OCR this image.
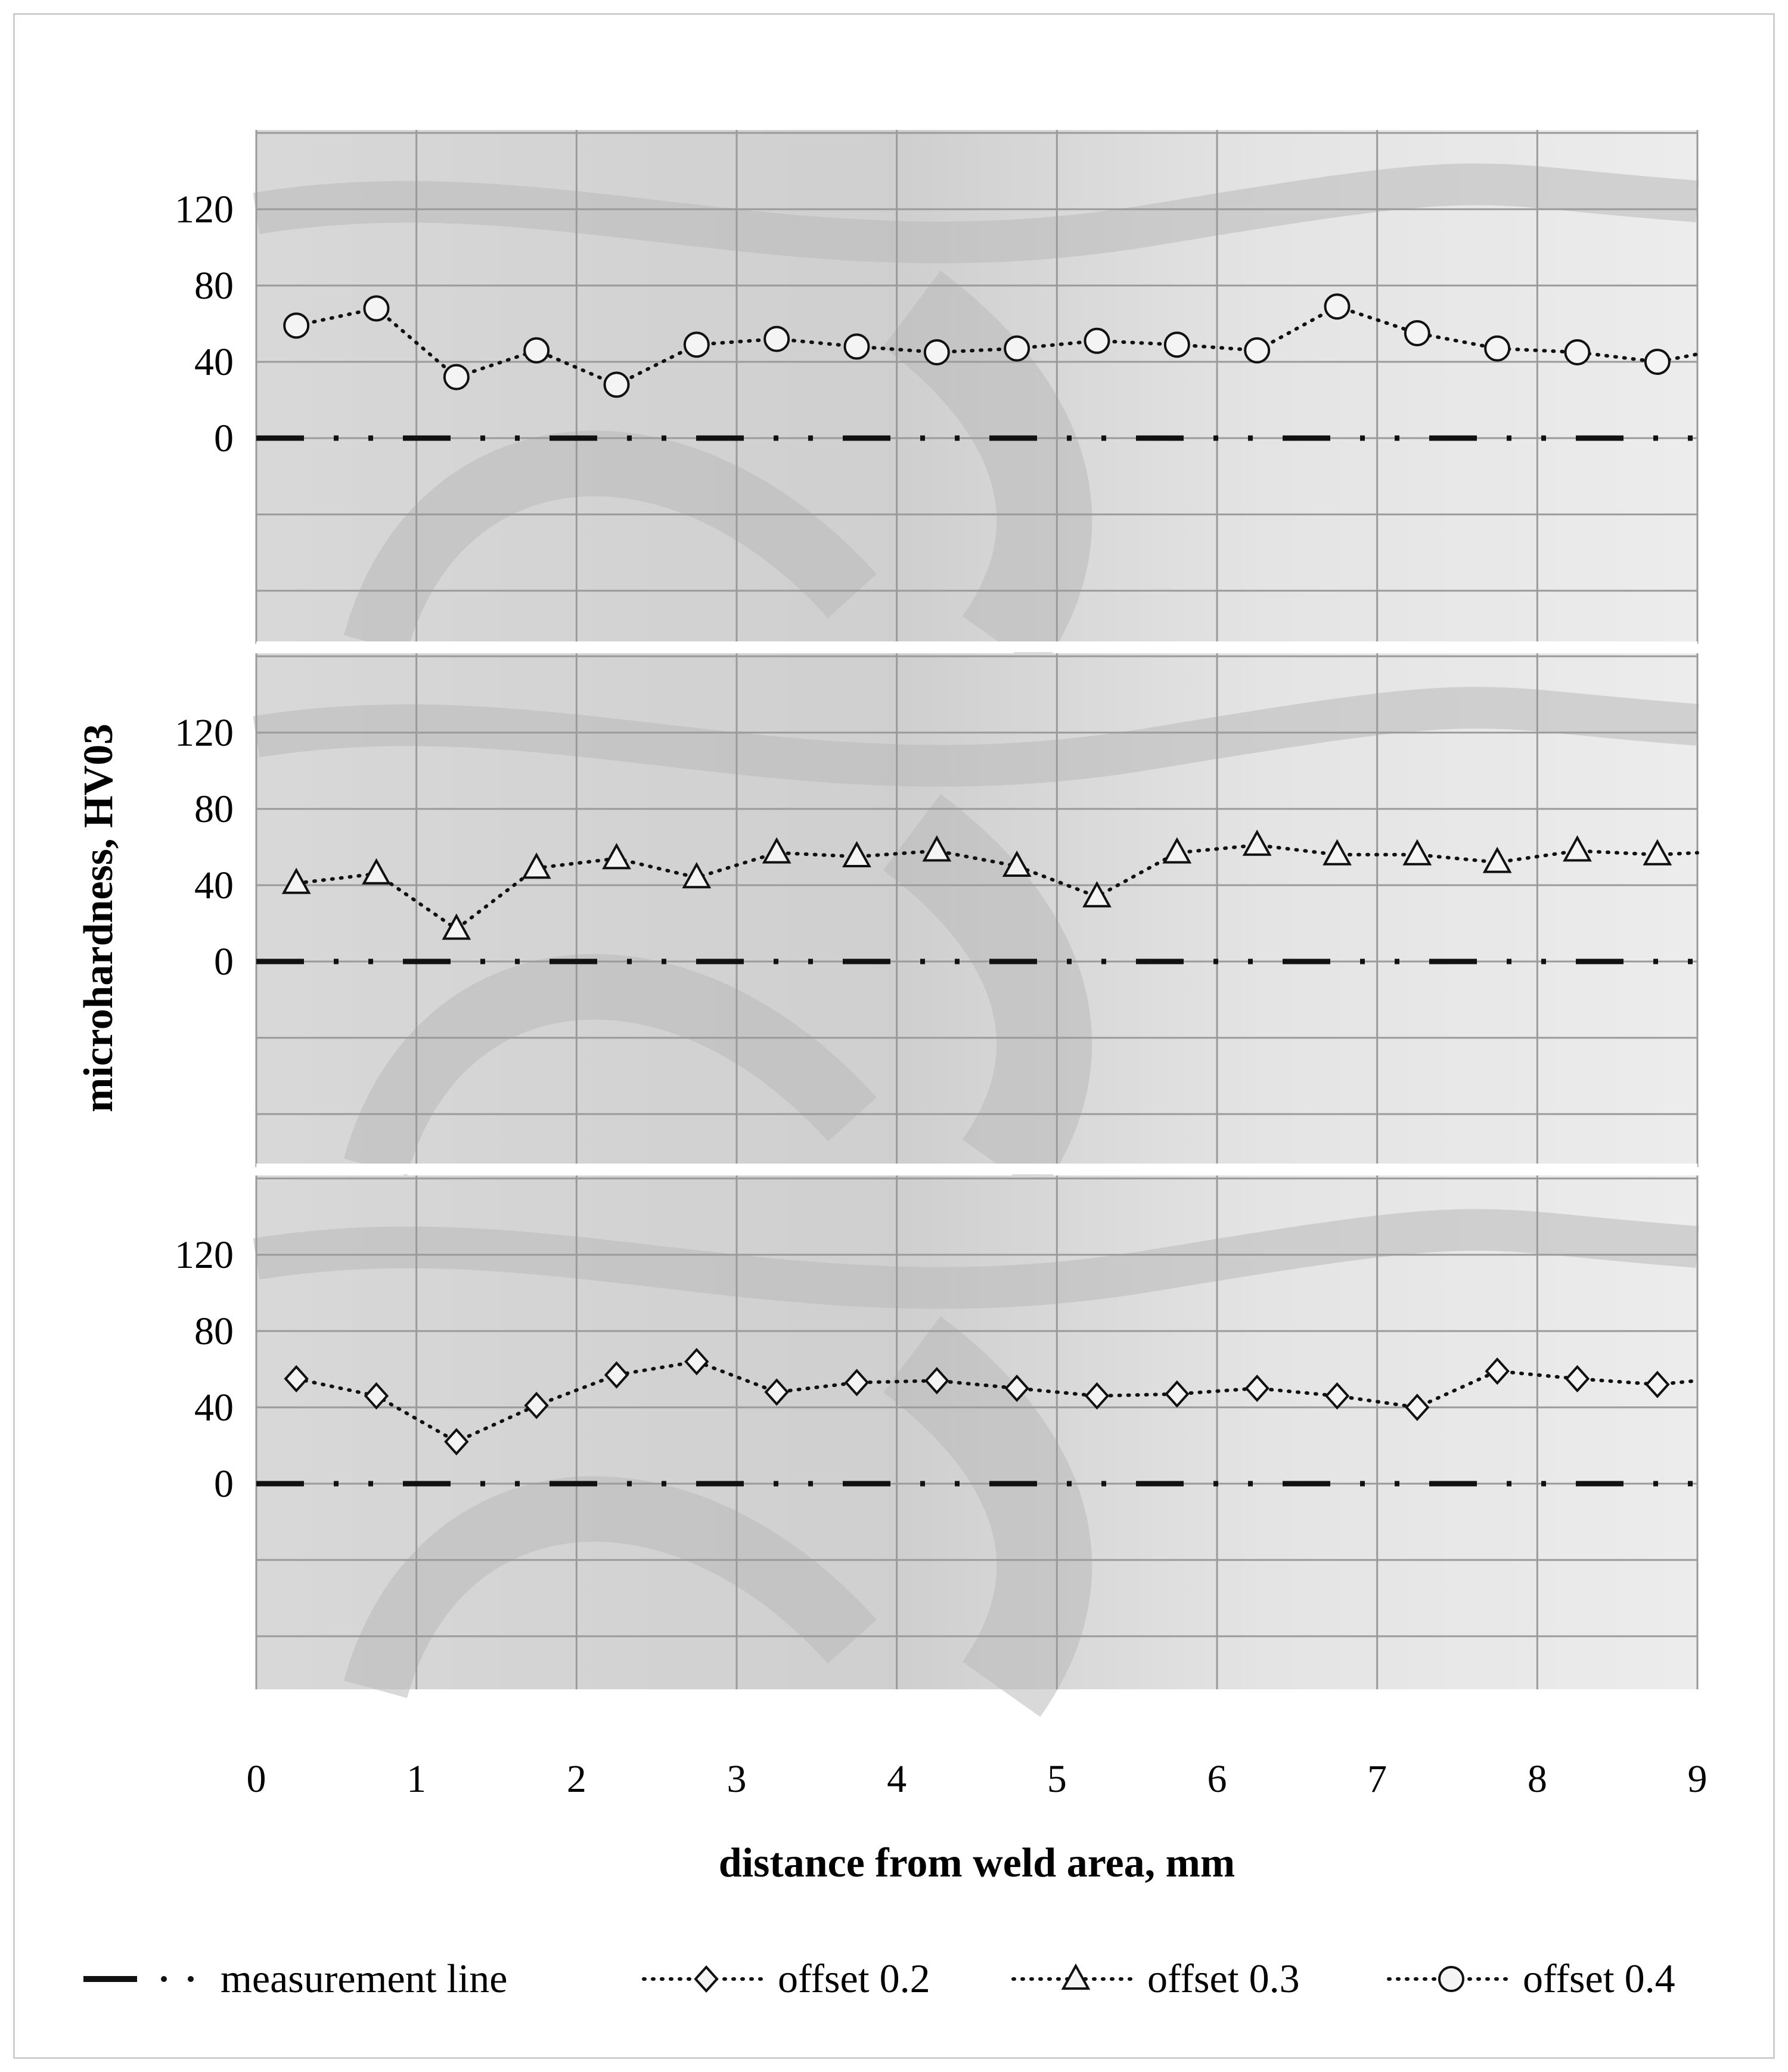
0
40
80
120
0
40
80
120
0
40
80
120
0	1	2	3	4	5	6	7	8	9
distance from weld area, mm
microhardness, HV03
measurement line	offset 0.2	offset 0.3	offset 0.4
